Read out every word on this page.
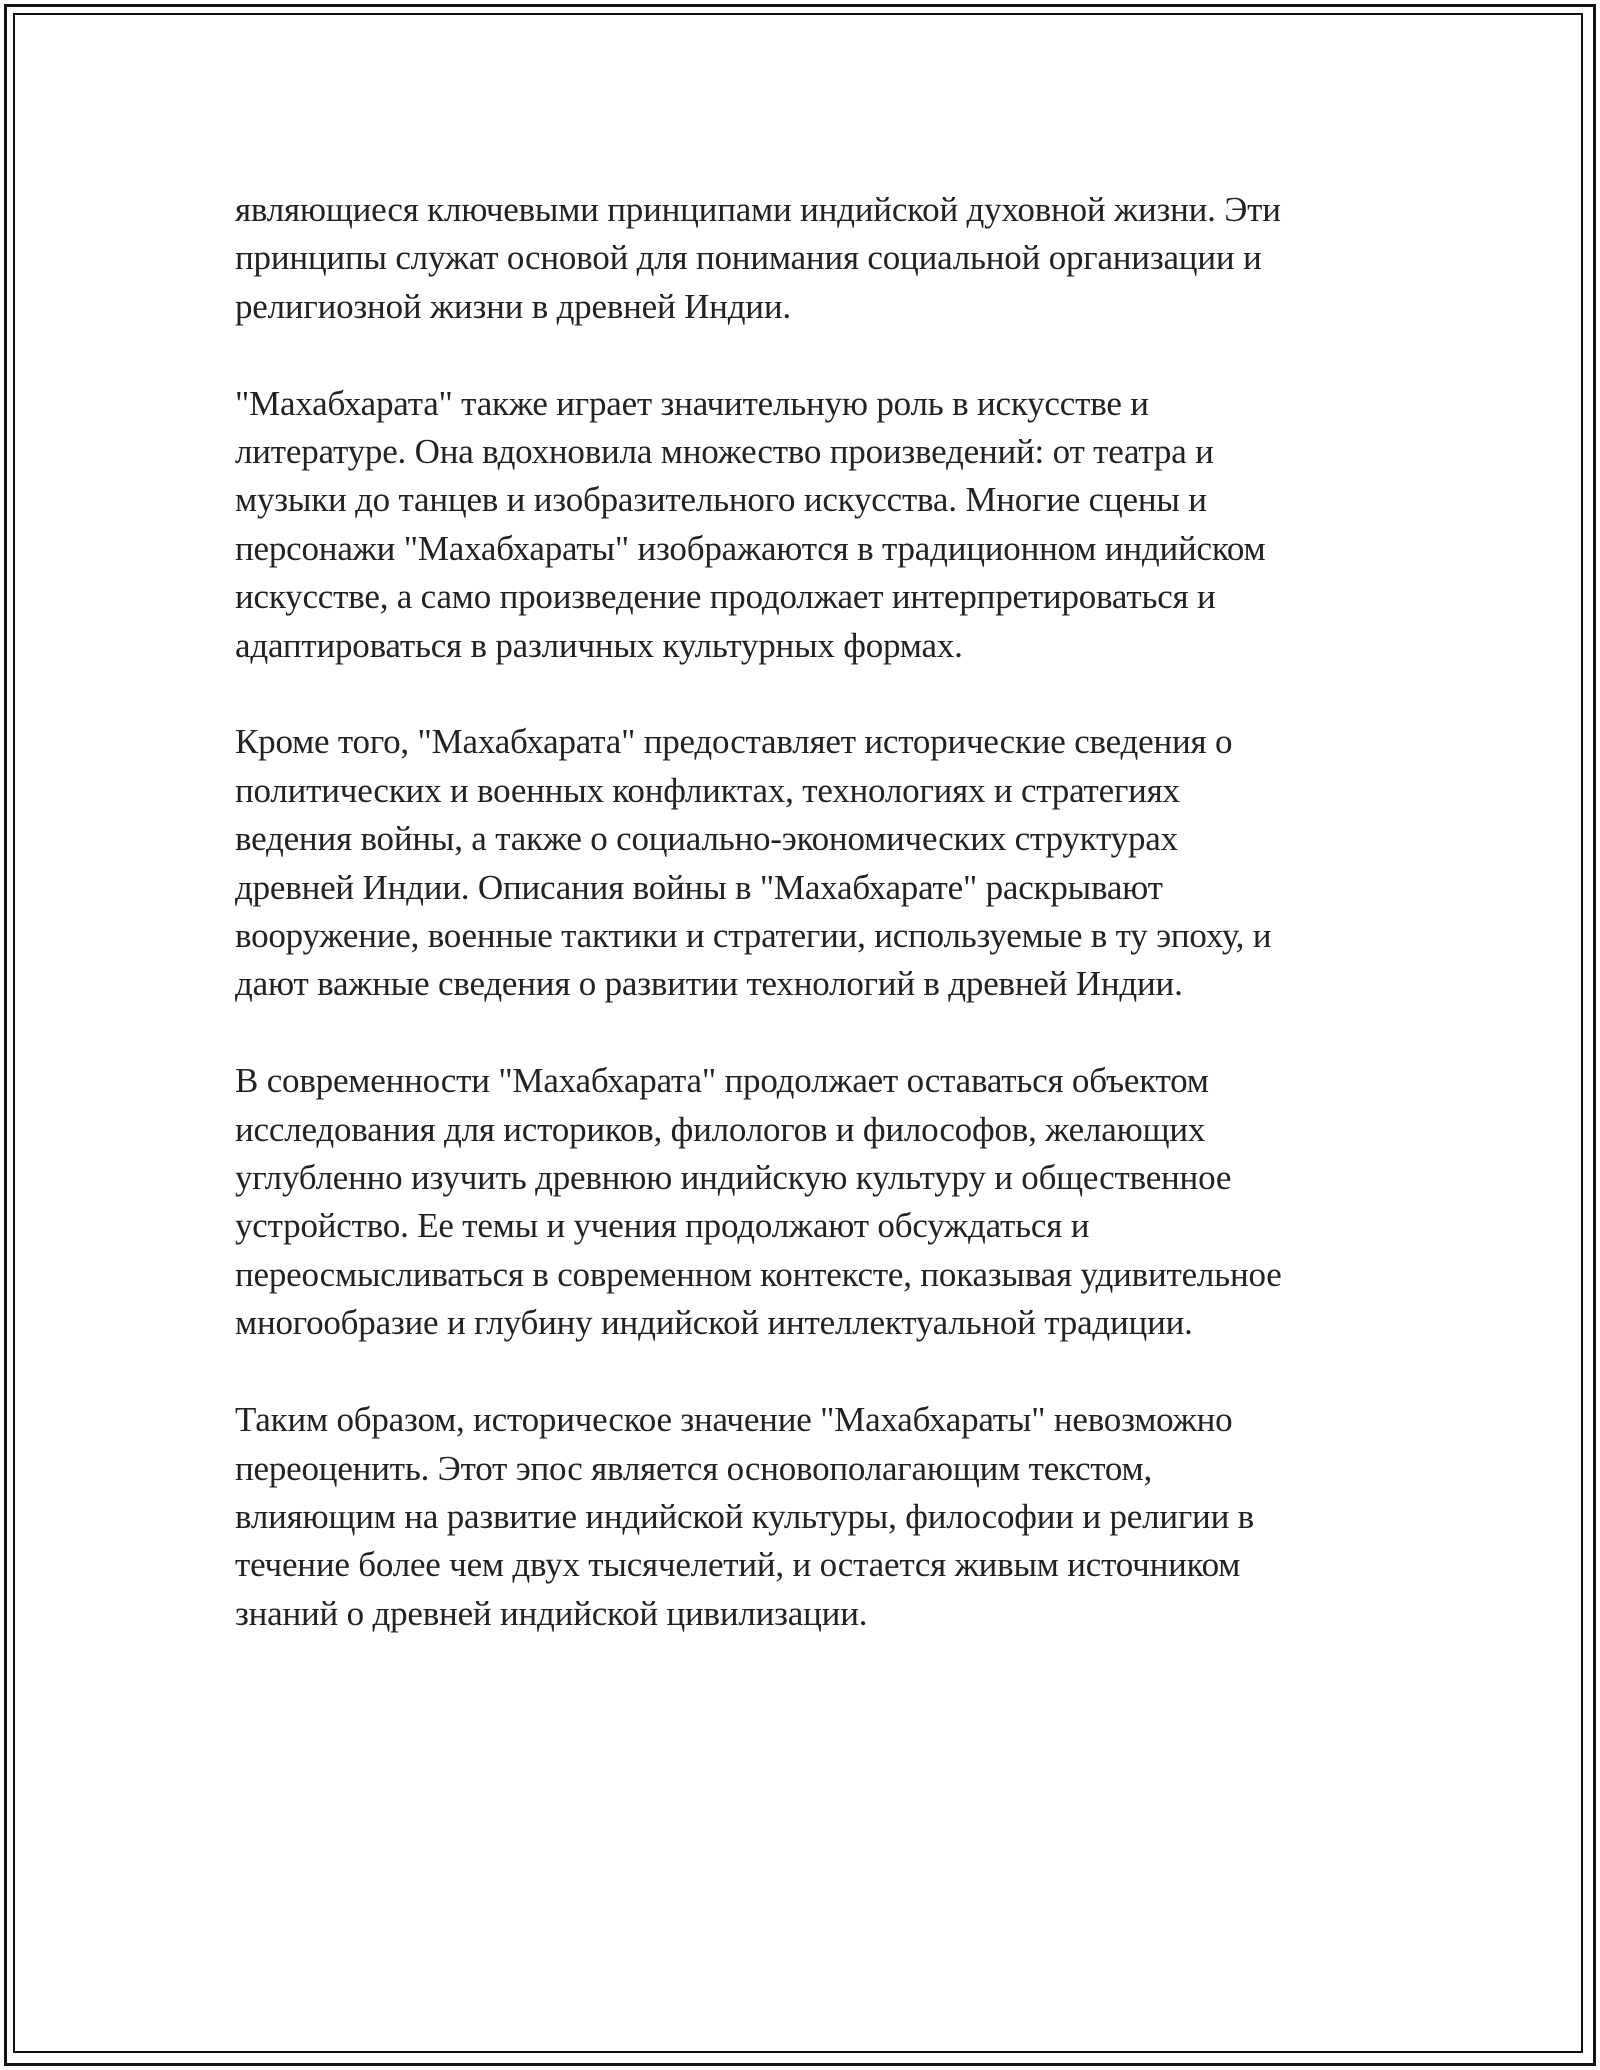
являющиеся ключевыми принципами индийской духовной жизни. Эти
принципы служат основой для понимания социальной организации и
религиозной жизни в древней Индии.

"Махабхарата" также играет значительную роль в искусстве и
литературе. Она вдохновила множество произведений: от театра и
музыки до танцев и изобразительного искусства. Многие сцены и
персонажи "Махабхараты" изображаются в традиционном индийском
искусстве, а само произведение продолжает интерпретироваться и
адаптироваться в различных культурных формах.

Кроме того, "Махабхарата" предоставляет исторические сведения о
политических и военных конфликтах, технологиях и стратегиях
ведения войны, а также о социально-экономических структурах
древней Индии. Описания войны в "Махабхарате" раскрывают
вооружение, военные тактики и стратегии, используемые в ту эпоху, и
дают важные сведения о развитии технологий в древней Индии.

В современности "Махабхарата" продолжает оставаться объектом
исследования для историков, филологов и философов, желающих
углубленно изучить древнюю индийскую культуру и общественное
устройство. Ее темы и учения продолжают обсуждаться и
переосмысливаться в современном контексте, показывая удивительное
многообразие и глубину индийской интеллектуальной традиции.

Таким образом, историческое значение "Махабхараты" невозможно
переоценить. Этот эпос является основополагающим текстом,
влияющим на развитие индийской культуры, философии и религии в
течение более чем двух тысячелетий, и остается живым источником
знаний о древней индийской цивилизации.
